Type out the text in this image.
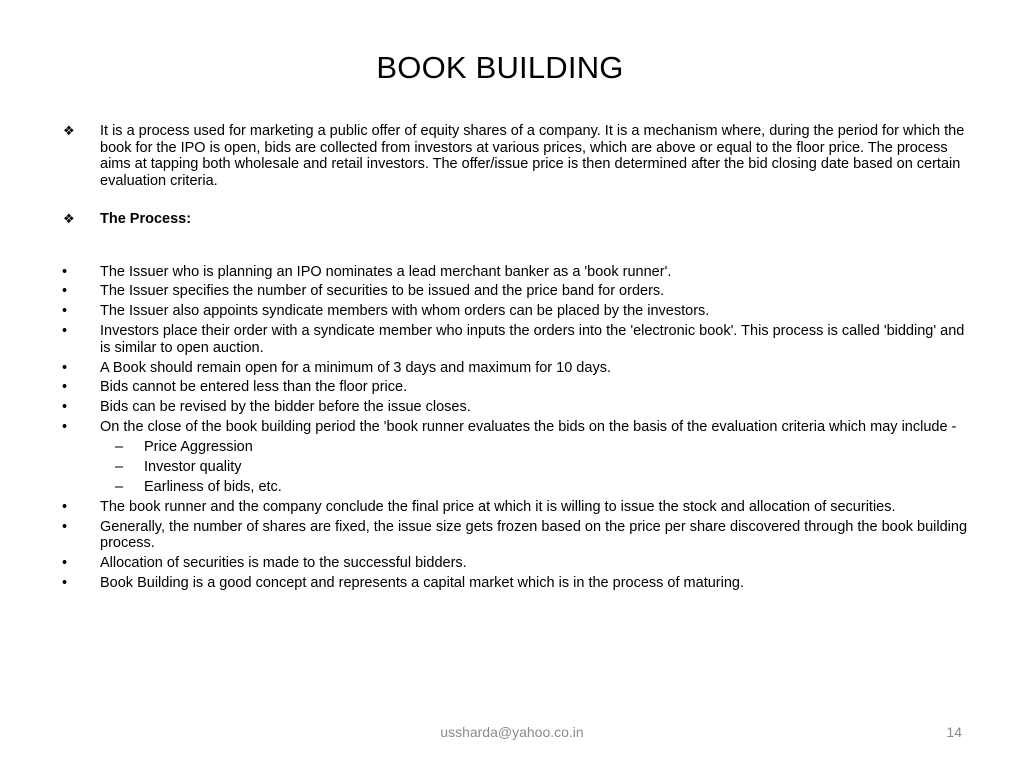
BOOK BUILDING
❖	It is a process used for marketing a public offer of equity shares of a company. It is a mechanism where, during the period for which the book for the IPO is open, bids are collected from investors at various prices, which are above or equal to the floor price. The process aims at tapping both wholesale and retail investors. The offer/issue price is then determined after the bid closing date based on certain evaluation criteria.
❖	The Process:
•	The Issuer who is planning an IPO nominates a lead merchant banker as a 'book runner'.
•	The Issuer specifies the number of securities to be issued and the price band for orders.
•	The Issuer also appoints syndicate members with whom orders can be placed by the investors.
•	Investors place their order with a syndicate member who inputs the orders into the 'electronic book'. This process is called 'bidding' and is similar to open auction.
•	A Book should remain open for a minimum of 3 days and maximum for 10 days.
•	Bids cannot be entered less than the floor price.
•	Bids can be revised by the bidder before the issue closes.
•	On the close of the book building period the 'book runner evaluates the bids on the basis of the evaluation criteria which may include -
– Price Aggression
– Investor quality
– Earliness of bids, etc.
•	The book runner and the company conclude the final price at which it is willing to issue the stock and allocation of securities.
•	Generally, the number of shares are fixed, the issue size gets frozen based on the price per share discovered through the book building process.
•	Allocation of securities is made to the successful bidders.
•	Book Building is a good concept and represents a capital market which is in the process of maturing.
ussharda@yahoo.co.in	14
